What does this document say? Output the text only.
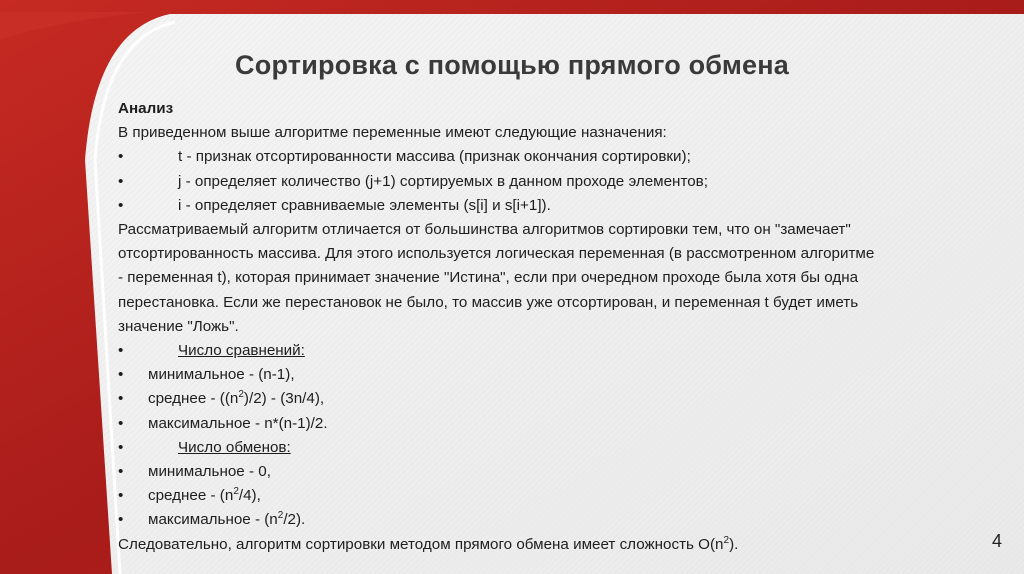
Сортировка с помощью прямого обмена
Анализ
В приведенном выше алгоритме переменные имеют следующие назначения:
•	t - признак отсортированности массива (признак окончания сортировки);
•	j - определяет количество (j+1) сортируемых в данном проходе элементов;
•	i - определяет сравниваемые элементы (s[i] и s[i+1]).
Рассматриваемый алгоритм отличается от большинства алгоритмов сортировки тем, что он "замечает"
отсортированность массива. Для этого используется логическая переменная (в рассмотренном алгоритме
- переменная t), которая принимает значение "Истина", если при очередном проходе была хотя бы одна
перестановка. Если же перестановок не было, то массив уже отсортирован, и переменная t будет иметь
значение "Ложь".
•	Число сравнений:
•	минимальное - (n-1),
•	среднее - $((n^2)/2) - (3n/4)$,
•	максимальное - n*(n-1)/2.
•	Число обменов:
•	минимальное - 0,
•	среднее - $(n^2/4)$,
•	максимальное - $(n^2/2)$.
Следовательно, алгоритм сортировки методом прямого обмена имеет сложность $O(n^2)$.	4
